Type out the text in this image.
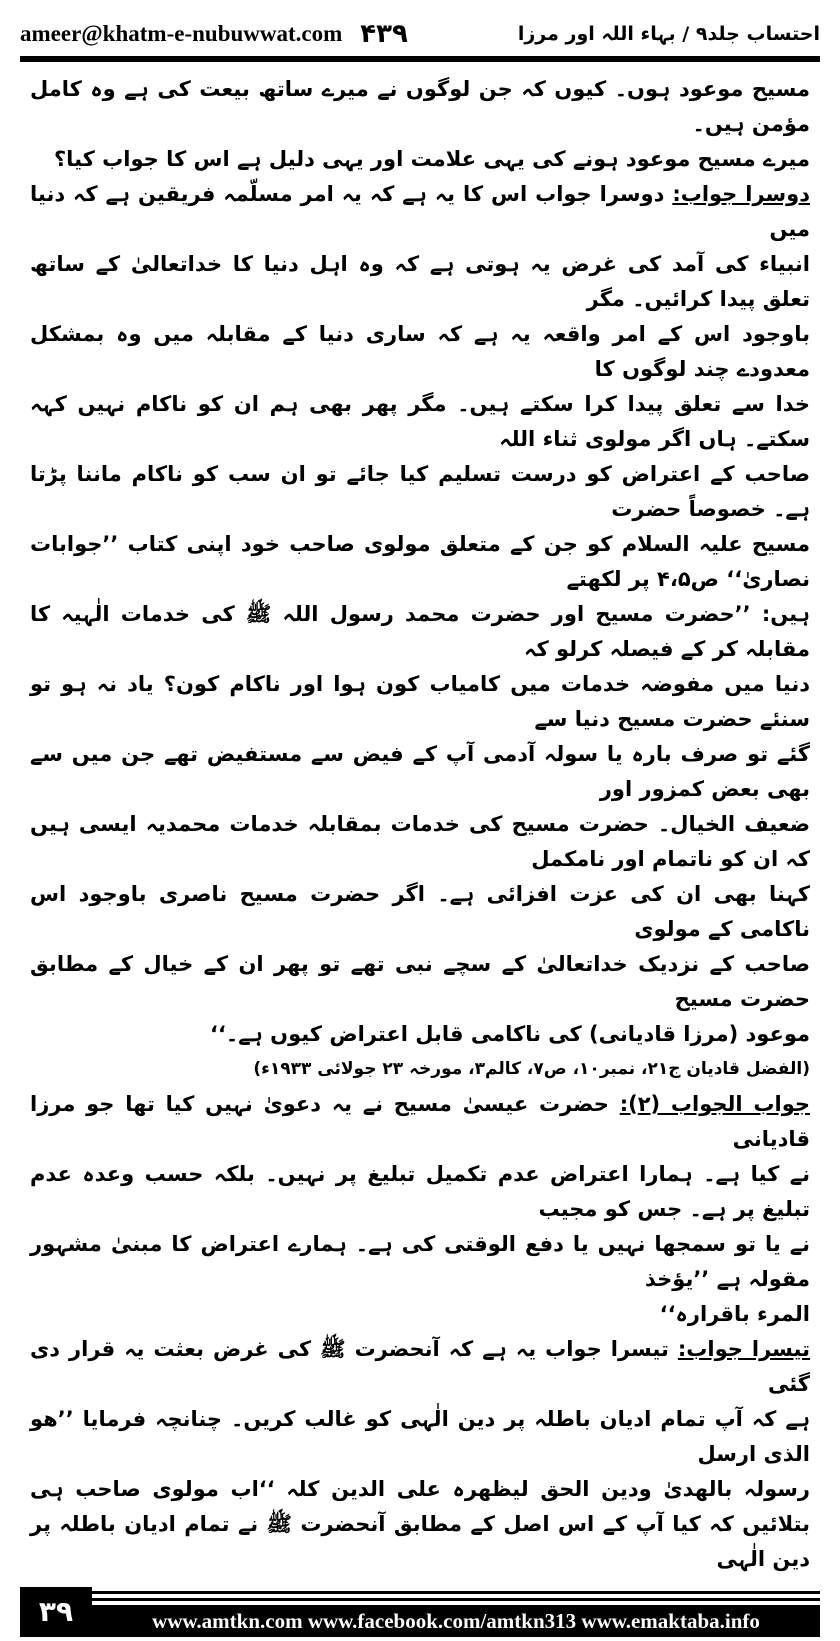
ameer@khatm-e-nubuwwat.com ۴۳۹	احتساب جلد۹ / بہاء اللہ اور مرزا
مسیح موعود ہوں۔ کیوں کہ جن لوگوں نے میرے ساتھ بیعت کی ہے وہ کامل مؤمن ہیں۔
میرے مسیح موعود ہونے کی یہی علامت اور یہی دلیل ہے اس کا جواب کیا؟
دوسرا جواب: دوسرا جواب اس کا یہ ہے کہ یہ امر مسلّمہ فریقین ہے کہ دنیا میں
انبیاء کی آمد کی غرض یہ ہوتی ہے کہ وہ اہل دنیا کا خداتعالیٰ کے ساتھ تعلق پیدا کرائیں۔ مگر
باوجود اس کے امر واقعہ یہ ہے کہ ساری دنیا کے مقابلہ میں وہ بمشکل معدودے چند لوگوں کا
خدا سے تعلق پیدا کرا سکتے ہیں۔ مگر پھر بھی ہم ان کو ناکام نہیں کہہ سکتے۔ ہاں اگر مولوی ثناء اللہ
صاحب کے اعتراض کو درست تسلیم کیا جائے تو ان سب کو ناکام ماننا پڑتا ہے۔ خصوصاً حضرت
مسیح علیہ السلام کو جن کے متعلق مولوی صاحب خود اپنی کتاب ’’جوابات نصاریٰ‘‘ ص۴،۵ پر لکھتے
ہیں: ’’حضرت مسیح اور حضرت محمد رسول اللہ ﷺ کی خدمات الٰہیہ کا مقابلہ کر کے فیصلہ کرلو کہ
دنیا میں مفوضہ خدمات میں کامیاب کون ہوا اور ناکام کون؟ یاد نہ ہو تو سنئے حضرت مسیح دنیا سے
گئے تو صرف بارہ یا سولہ آدمی آپ کے فیض سے مستفیض تھے جن میں سے بھی بعض کمزور اور
ضعیف الخیال۔ حضرت مسیح کی خدمات بمقابلہ خدمات محمدیہ ایسی ہیں کہ ان کو ناتمام اور نامکمل
کہنا بھی ان کی عزت افزائی ہے۔ اگر حضرت مسیح ناصری باوجود اس ناکامی کے مولوی
صاحب کے نزدیک خداتعالیٰ کے سچے نبی تھے تو پھر ان کے خیال کے مطابق حضرت مسیح
موعود (مرزا قادیانی) کی ناکامی قابل اعتراض کیوں ہے۔‘‘
(الفضل قادیان ج۲۱، نمبر۱۰، ص۷، کالم۳، مورخہ ۲۳ جولائی ۱۹۳۳ء)
جواب الجواب (۲): حضرت عیسیٰ مسیح نے یہ دعویٰ نہیں کیا تھا جو مرزا قادیانی
نے کیا ہے۔ ہمارا اعتراض عدم تکمیل تبلیغ پر نہیں۔ بلکہ حسب وعدہ عدم تبلیغ پر ہے۔ جس کو مجیب
نے یا تو سمجھا نہیں یا دفع الوقتی کی ہے۔ ہمارے اعتراض کا مبنیٰ مشہور مقولہ ہے ’’یؤخذ
المرء باقرارہ‘‘
تیسرا جواب: تیسرا جواب یہ ہے کہ آنحضرت ﷺ کی غرض بعثت یہ قرار دی گئی
ہے کہ آپ تمام ادیان باطلہ پر دین الٰہی کو غالب کریں۔ چنانچہ فرمایا ’’ھو الذی ارسل
رسولہ بالھدیٰ ودین الحق لیظھرہ علی الدین کلہ ‘‘اب مولوی صاحب ہی
بتلائیں کہ کیا آپ کے اس اصل کے مطابق آنحضرت ﷺ نے تمام ادیان باطلہ پر دین الٰہی
۳۹	www.amtkn.com www.facebook.com/amtkn313 www.emaktaba.info
